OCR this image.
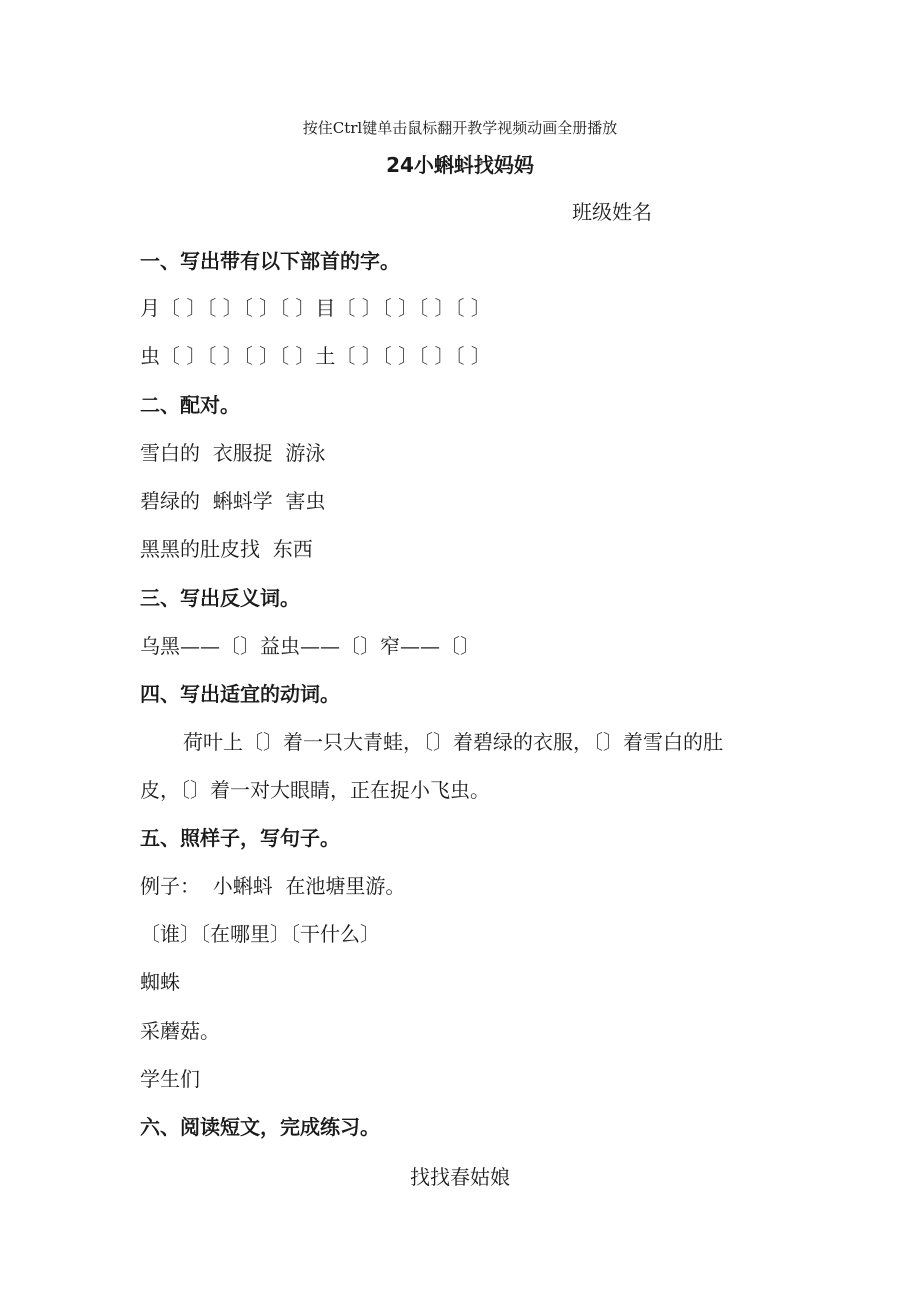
按住Ctrl键单击鼠标翻开教学视频动画全册播放
24小蝌蚪找妈妈
班级姓名
一、写出带有以下部首的字。
月〔 〕〔 〕〔 〕〔 〕目〔 〕〔 〕〔 〕〔 〕
虫〔 〕〔 〕〔 〕〔 〕土〔 〕〔 〕〔 〕〔 〕
二、配对。
雪白的  衣服捉  游泳
碧绿的  蝌蚪学  害虫
黑黑的肚皮找  东西
三、写出反义词。
乌黑——〔〕益虫——〔〕窄——〔〕
四、写出适宜的动词。
荷叶上〔〕着一只大青蛙，〔〕着碧绿的衣服，〔〕着雪白的肚
皮，〔〕着一对大眼睛，正在捉小飞虫。
五、照样子，写句子。
例子：  小蝌蚪  在池塘里游。
〔谁〕〔在哪里〕〔干什么〕
蜘蛛
采蘑菇。
学生们
六、阅读短文，完成练习。
找找春姑娘
